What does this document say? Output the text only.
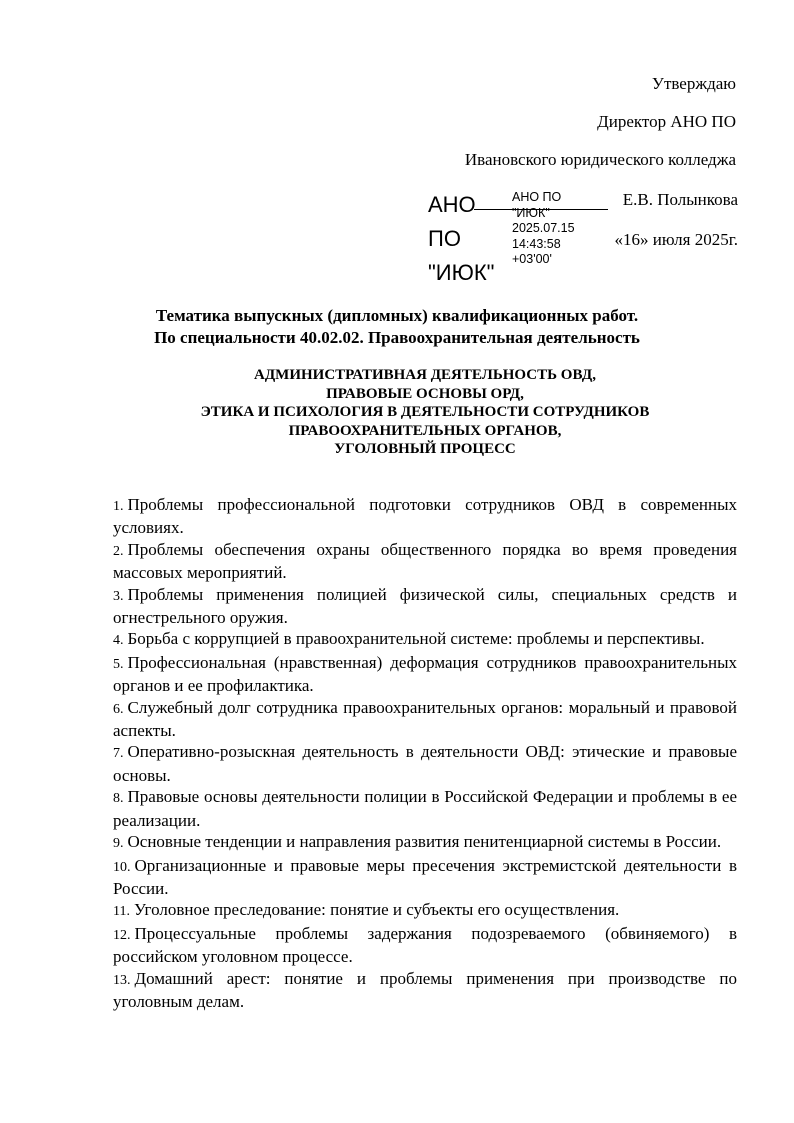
Утверждаю
Директор АНО ПО
Ивановского юридического колледжа
АНО
ПО
"ИЮК"
АНО ПО
"ИЮК"
2025.07.15
14:43:58
+03'00'
Е.В. Полынкова
«16» июля 2025г.
Тематика выпускных (дипломных) квалификационных работ.
По специальности 40.02.02. Правоохранительная деятельность
АДМИНИСТРАТИВНАЯ ДЕЯТЕЛЬНОСТЬ ОВД,
ПРАВОВЫЕ ОСНОВЫ ОРД,
ЭТИКА И ПСИХОЛОГИЯ В ДЕЯТЕЛЬНОСТИ СОТРУДНИКОВ
ПРАВООХРАНИТЕЛЬНЫХ ОРГАНОВ,
УГОЛОВНЫЙ ПРОЦЕСС
1. Проблемы профессиональной подготовки сотрудников ОВД в современных условиях.
2. Проблемы обеспечения охраны общественного порядка во время проведения массовых мероприятий.
3. Проблемы применения полицией физической силы, специальных средств и огнестрельного оружия.
4. Борьба с коррупцией в правоохранительной системе: проблемы и перспективы.
5. Профессиональная (нравственная) деформация сотрудников правоохранительных органов и ее профилактика.
6. Служебный долг сотрудника правоохранительных органов: моральный и правовой аспекты.
7. Оперативно-розыскная деятельность в деятельности ОВД: этические и правовые основы.
8. Правовые основы деятельности полиции в Российской Федерации и проблемы в ее реализации.
9. Основные тенденции и направления развития пенитенциарной системы в России.
10. Организационные и правовые меры пресечения экстремистской деятельности в России.
11. Уголовное преследование: понятие и субъекты его осуществления.
12. Процессуальные проблемы задержания подозреваемого (обвиняемого) в российском уголовном процессе.
13. Домашний арест: понятие и проблемы применения при производстве по уголовным делам.
